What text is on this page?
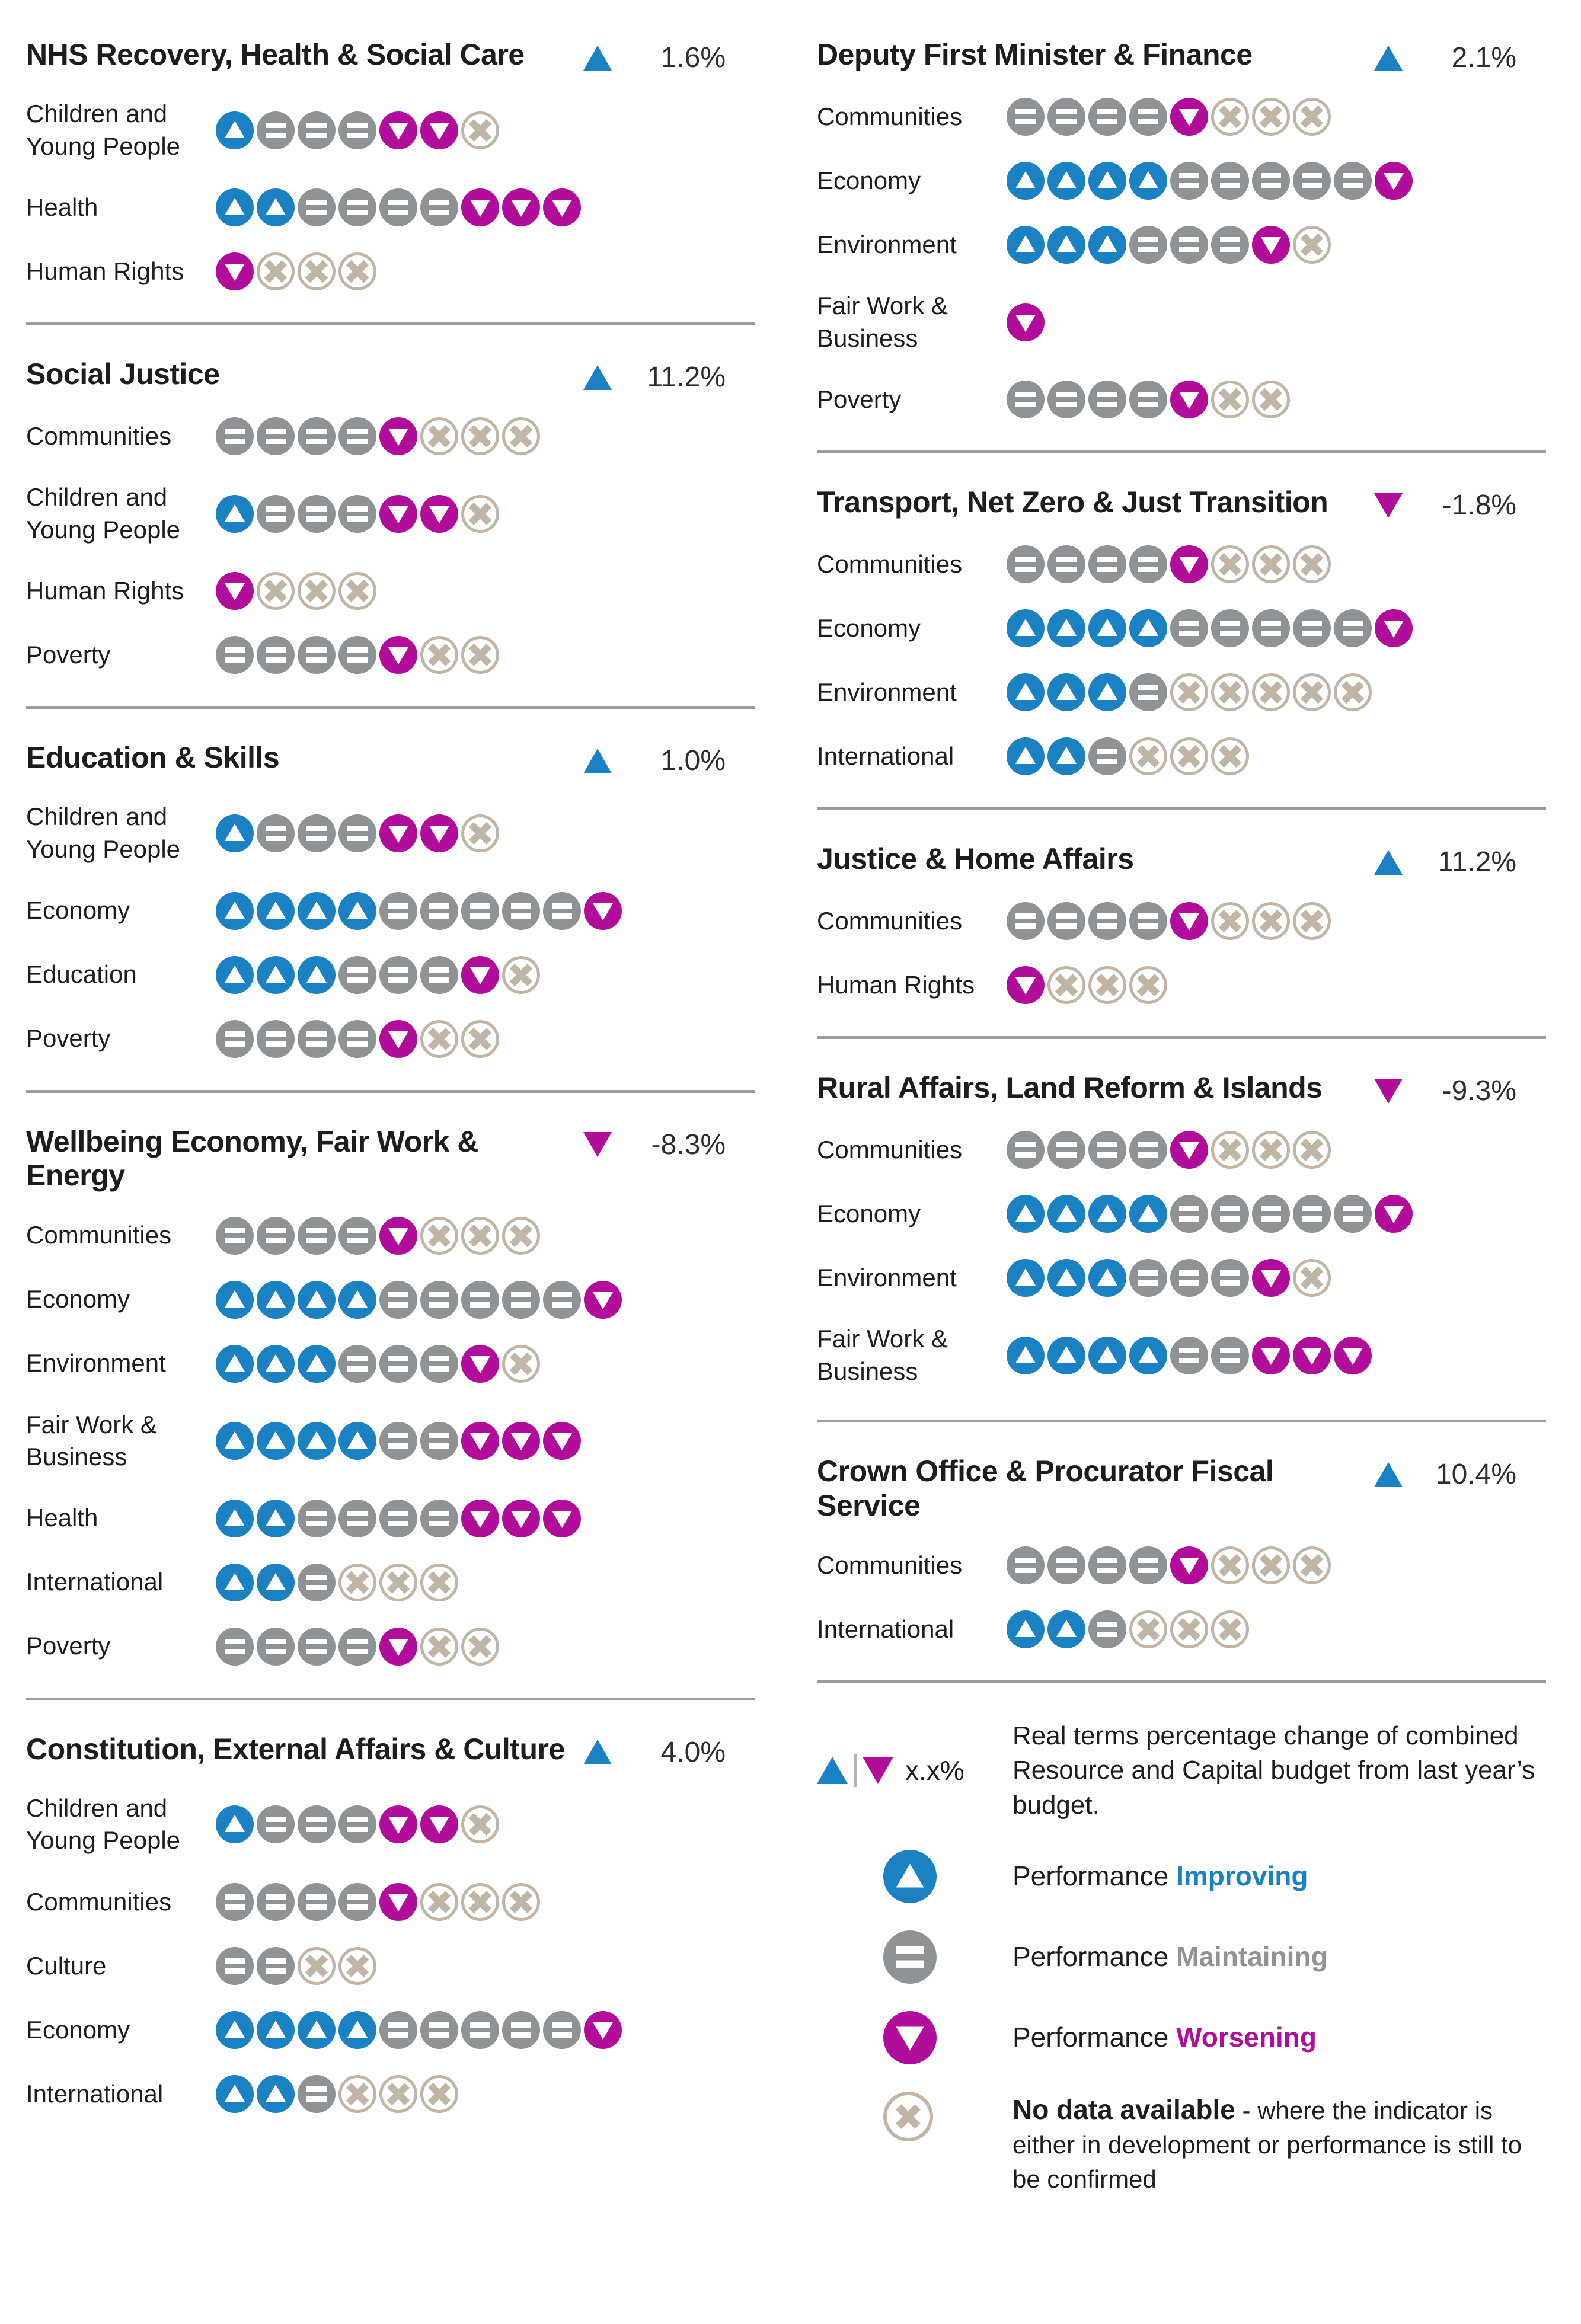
NHS Recovery, Health & Social Care	1.6%
Children and Young People
Health
Human Rights
Social Justice	11.2%
Communities
Children and Young People
Human Rights
Poverty
Education & Skills	1.0%
Children and Young People
Economy
Education
Poverty
Wellbeing Economy, Fair Work & Energy
-8.3%
Communities
Economy
Environment
Fair Work & Business
Health
International
Poverty
Constitution, External Affairs & Culture	4.0%
Children and Young People
Communities
Culture
Economy
International
Deputy First Minister & Finance	2.1%
Communities
Economy
Environment
Fair Work & Business
Poverty
Transport, Net Zero & Just Transition	-1.8%
Communities
Economy
Environment
International
Justice & Home Affairs	11.2%
Communities
Human Rights
Rural Affairs, Land Reform & Islands	-9.3%
Communities
Economy
Environment
Fair Work & Business
Crown Office & Procurator Fiscal Service
10.4%
Communities
International
x.x%
Real terms percentage change of combined Resource and Capital budget from last year’s budget.
Performance Improving
Performance Maintaining
Performance Worsening
No data available - where the indicator is either in development or performance is still to be confirmed
